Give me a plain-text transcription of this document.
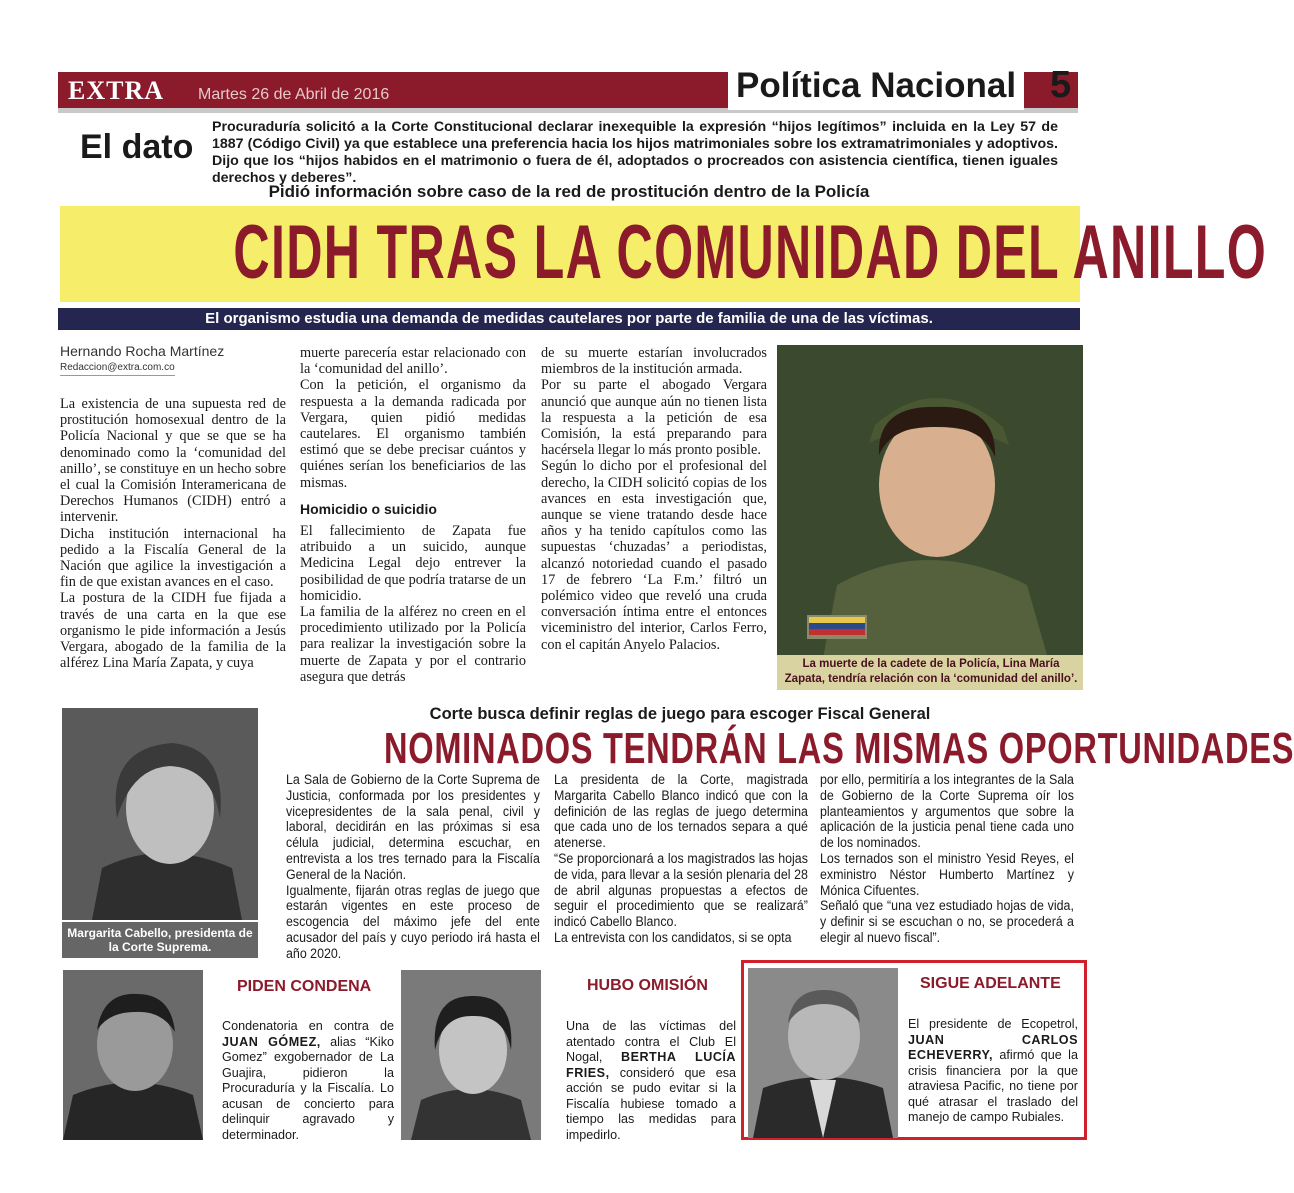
EXTRA Martes 26 de Abril de 2016	Política Nacional 5
El dato
Procuraduría solicitó a la Corte Constitucional declarar inexequible la expresión “hijos legítimos” incluida en la Ley 57 de 1887 (Código Civil) ya que establece una preferencia hacia los hijos matrimoniales sobre los extramatrimoniales y adoptivos. Dijo que los “hijos habidos en el matrimonio o fuera de él, adoptados o procreados con asistencia científica, tienen iguales derechos y deberes”.
Pidió información sobre caso de la red de prostitución dentro de la Policía
CIDH TRAS LA COMUNIDAD DEL ANILLO
El organismo estudia una demanda de medidas cautelares por parte de familia de una de las víctimas.
Hernando Rocha Martínez
Redaccion@extra.com.co

La existencia de una supuesta red de prostitución homosexual dentro de la Policía Nacional y que se que se ha denominado como la ‘comunidad del anillo’, se constituye en un hecho sobre el cual la Comisión Interamericana de Derechos Humanos (CIDH) entró a intervenir.

Dicha institución internacional ha pedido a la Fiscalía General de la Nación que agilice la investigación a fin de que existan avances en el caso.

La postura de la CIDH fue fijada a través de una carta en la que ese organismo le pide información a Jesús Vergara, abogado de la familia de la alférez Lina María Zapata, y cuya

muerte parecería estar relacionado con la ‘comunidad del anillo’.

Con la petición, el organismo da respuesta a la demanda radicada por Vergara, quien pidió medidas cautelares. El organismo también estimó que se debe precisar cuántos y quiénes serían los beneficiarios de las mismas.

Homicidio o suicidio

El fallecimiento de Zapata fue atribuido a un suicido, aunque Medicina Legal dejo entrever la posibilidad de que podría tratarse de un homicidio.

La familia de la alférez no creen en el procedimiento utilizado por la Policía para realizar la investigación sobre la muerte de Zapata y por el contrario asegura que detrás

de su muerte estarían involucrados miembros de la institución armada.

Por su parte el abogado Vergara anunció que aunque aún no tienen lista la respuesta a la petición de esa Comisión, la está preparando para hacérsela llegar lo más pronto posible.

Según lo dicho por el profesional del derecho, la CIDH solicitó copias de los avances en esta investigación que, aunque se viene tratando desde hace años y ha tenido capítulos como las supuestas ‘chuzadas’ a periodistas, alcanzó notoriedad cuando el pasado 17 de febrero ‘La F.m.’ filtró un polémico video que reveló una cruda conversación íntima entre el entonces viceministro del interior, Carlos Ferro, con el capitán Anyelo Palacios.

La muerte de la cadete de la Policía, Lina María Zapata, tendría relación con la ‘comunidad del anillo’.
Margarita Cabello, presidenta de la Corte Suprema.
Corte busca definir reglas de juego para escoger Fiscal General
NOMINADOS TENDRÁN LAS MISMAS OPORTUNIDADES

La Sala de Gobierno de la Corte Suprema de Justicia, conformada por los presidentes y vicepresidentes de la sala penal, civil y laboral, decidirán en las próximas si esa célula judicial, determina escuchar, en entrevista a los tres ternado para la Fiscalía General de la Nación.

Igualmente, fijarán otras reglas de juego que estarán vigentes en este proceso de escogencia del máximo jefe del ente acusador del país y cuyo periodo irá hasta el año 2020.

La presidenta de la Corte, magistrada Margarita Cabello Blanco indicó que con la definición de las reglas de juego determina que cada uno de los ternados separa a qué atenerse.

“Se proporcionará a los magistrados las hojas de vida, para llevar a la sesión plenaria del 28 de abril algunas propuestas a efectos de seguir el procedimiento que se realizará” indicó Cabello Blanco.

La entrevista con los candidatos, si se opta

por ello, permitiría a los integrantes de la Sala de Gobierno de la Corte Suprema oír los planteamientos y argumentos que sobre la aplicación de la justicia penal tiene cada uno de los nominados.

Los ternados son el ministro Yesid Reyes, el exministro Néstor Humberto Martínez y Mónica Cifuentes.

Señaló que “una vez estudiado hojas de vida, y definir si se escuchan o no, se procederá a elegir al nuevo fiscal”.

PIDEN CONDENA
Condenatoria en contra de JUAN GÓMEZ, alias “Kiko Gomez” exgobernador de La Guajira, pidieron la Procuraduría y la Fiscalía. Lo acusan de concierto para delinquir agravado y determinador.
HUBO OMISIÓN
Una de las víctimas del atentado contra el Club El Nogal, BERTHA LUCÍA FRIES, consideró que esa acción se pudo evitar si la Fiscalía hubiese tomado a tiempo las medidas para impedirlo.
SIGUE ADELANTE
El presidente de Ecopetrol, JUAN CARLOS ECHEVERRY, afirmó que la crisis financiera por la que atraviesa Pacific, no tiene por qué atrasar el traslado del manejo de campo Rubiales.
